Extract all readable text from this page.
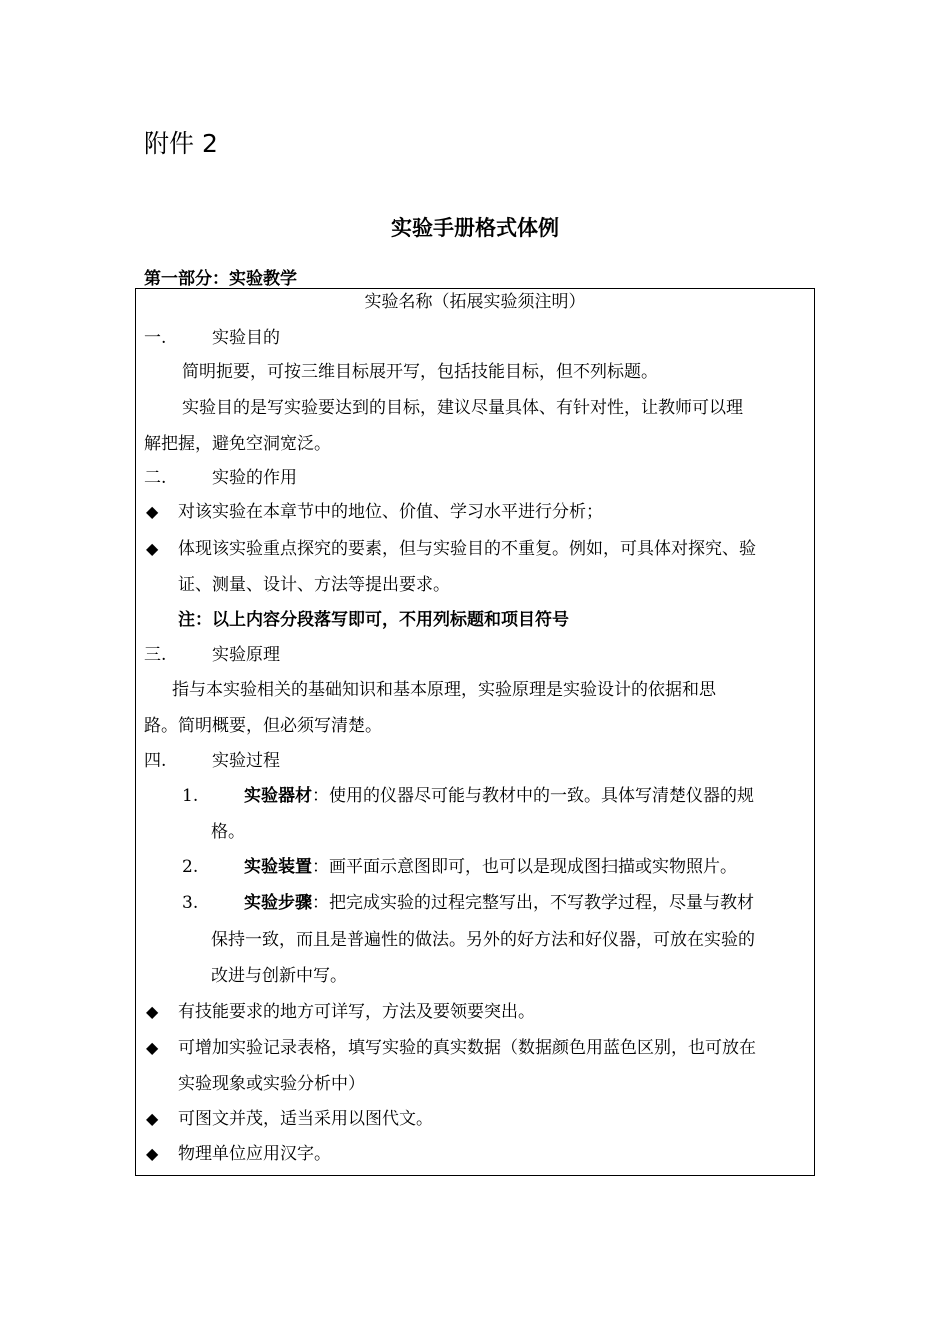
附件 2
实验手册格式体例
第一部分：实验教学
实验名称（拓展实验须注明）
一.	实验目的
简明扼要，可按三维目标展开写，包括技能目标，但不列标题。
实验目的是写实验要达到的目标，建议尽量具体、有针对性，让教师可以理
解把握，避免空洞宽泛。
二.	实验的作用
◆ 对该实验在本章节中的地位、价值、学习水平进行分析；
◆ 体现该实验重点探究的要素，但与实验目的不重复。例如，可具体对探究、验
证、测量、设计、方法等提出要求。
注：以上内容分段落写即可，不用列标题和项目符号
三.	实验原理
指与本实验相关的基础知识和基本原理，实验原理是实验设计的依据和思
路。简明概要，但必须写清楚。
四.	实验过程
1.	实验器材：使用的仪器尽可能与教材中的一致。具体写清楚仪器的规
格。
2.	实验装置：画平面示意图即可，也可以是现成图扫描或实物照片。
3.	实验步骤：把完成实验的过程完整写出，不写教学过程，尽量与教材
保持一致，而且是普遍性的做法。另外的好方法和好仪器，可放在实验的
改进与创新中写。
◆ 有技能要求的地方可详写，方法及要领要突出。
◆ 可增加实验记录表格，填写实验的真实数据（数据颜色用蓝色区别，也可放在
实验现象或实验分析中）
◆ 可图文并茂，适当采用以图代文。
◆ 物理单位应用汉字。
